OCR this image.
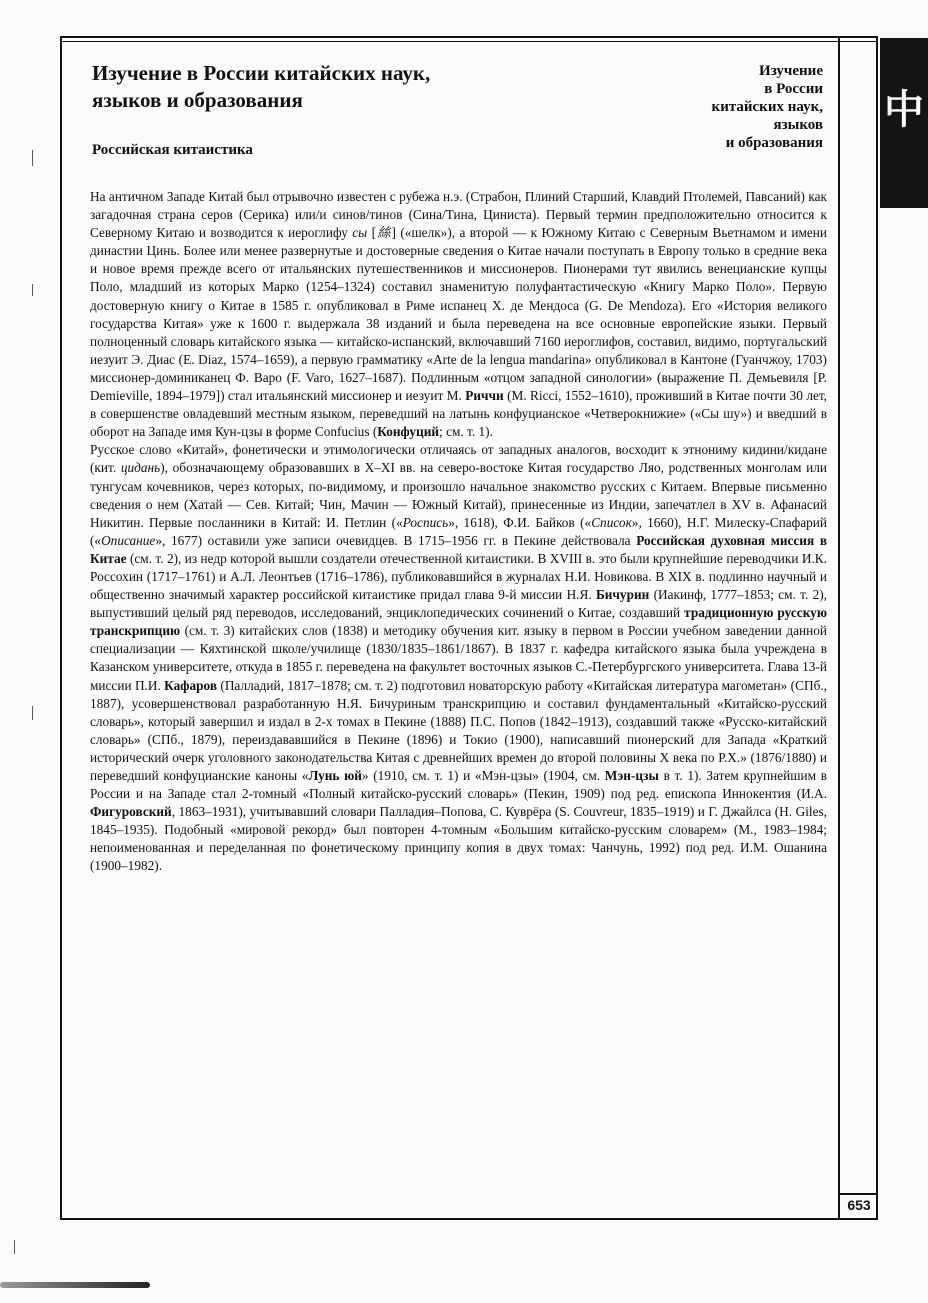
中
Изучение в России китайских наук,
языков и образования
Российская китаистика
Изучение
в России
китайских наук,
языков
и образования

На античном Западе Китай был отрывочно известен с рубежа н.э. (Страбон, Плиний Старший, Клавдий Птолемей, Павсаний) как загадочная страна серов (Серика) или/и синов/тинов (Сина/Тина, Циниста). Первый термин предположительно относится к Северному Китаю и возводится к иероглифу сы [絲] («шелк»), а второй — к Южному Китаю с Северным Вьетнамом и имени династии Цинь. Более или менее развернутые и достоверные сведения о Китае начали поступать в Европу только в средние века и новое время прежде всего от итальянских путешественников и миссионеров. Пионерами тут явились венецианские купцы Поло, младший из которых Марко (1254–1324) составил знаменитую полуфантастическую «Книгу Марко Поло». Первую достоверную книгу о Китае в 1585 г. опубликовал в Риме испанец Х. де Мендоса (G. De Mendoza). Его «История великого государства Китая» уже к 1600 г. выдержала 38 изданий и была переведена на все основные европейские языки. Первый полноценный словарь китайского языка — китайско-испанский, включавший 7160 иероглифов, составил, видимо, португальский иезуит Э. Диас (E. Diaz, 1574–1659), а первую грамматику «Arte de la lengua mandarina» опубликовал в Кантоне (Гуанчжоу, 1703) миссионер-доминиканец Ф. Варо (F. Varo, 1627–1687). Подлинным «отцом западной синологии» (выражение П. Демьевиля [P. Demieville, 1894–1979]) стал итальянский миссионер и иезуит М. Риччи (M. Ricci, 1552–1610), проживший в Китае почти 30 лет, в совершенстве овладевший местным языком, переведший на латынь конфуцианское «Четверокнижие» («Сы шу») и введший в оборот на Западе имя Кун-цзы в форме Confucius (Конфуций; см. т. 1).

Русское слово «Китай», фонетически и этимологически отличаясь от западных аналогов, восходит к этнониму кидини/кидане (кит. цидань), обозначающему образовавших в X–XI вв. на северо-востоке Китая государство Ляо, родственных монголам или тунгусам кочевников, через которых, по-видимому, и произошло начальное знакомство русских с Китаем. Впервые письменно сведения о нем (Хатай — Сев. Китай; Чин, Мачин — Южный Китай), принесенные из Индии, запечатлел в XV в. Афанасий Никитин. Первые посланники в Китай: И. Петлин («Роспись», 1618), Ф.И. Байков («Список», 1660), Н.Г. Милеску-Спафарий («Описание», 1677) оставили уже записи очевидцев. В 1715–1956 гг. в Пекине действовала Российская духовная миссия в Китае (см. т. 2), из недр которой вышли создатели отечественной китаистики. В XVIII в. это были крупнейшие переводчики И.К. Россохин (1717–1761) и А.Л. Леонтьев (1716–1786), публиковавшийся в журналах Н.И. Новикова. В XIX в. подлинно научный и общественно значимый характер российской китаистике придал глава 9-й миссии Н.Я. Бичурин (Иакинф, 1777–1853; см. т. 2), выпустивший целый ряд переводов, исследований, энциклопедических сочинений о Китае, создавший традиционную русскую транскрипцию (см. т. 3) китайских слов (1838) и методику обучения кит. языку в первом в России учебном заведении данной специализации — Кяхтинской школе/училище (1830/1835–1861/1867). В 1837 г. кафедра китайского языка была учреждена в Казанском университете, откуда в 1855 г. переведена на факультет восточных языков С.-Петербургского университета. Глава 13-й миссии П.И. Кафаров (Палладий, 1817–1878; см. т. 2) подготовил новаторскую работу «Китайская литература магометан» (СПб., 1887), усовершенствовал разработанную Н.Я. Бичуриным транскрипцию и составил фундаментальный «Китайско-русский словарь», который завершил и издал в 2-х томах в Пекине (1888) П.С. Попов (1842–1913), создавший также «Русско-китайский словарь» (СПб., 1879), переиздававшийся в Пекине (1896) и Токио (1900), написавший пионерский для Запада «Краткий исторический очерк уголовного законодательства Китая с древнейших времен до второй половины X века по Р.Х.» (1876/1880) и переведший конфуцианские каноны «Лунь юй» (1910, см. т. 1) и «Мэн-цзы» (1904, см. Мэн-цзы в т. 1). Затем крупнейшим в России и на Западе стал 2-томный «Полный китайско-русский словарь» (Пекин, 1909) под ред. епископа Иннокентия (И.А. Фигуровский, 1863–1931), учитывавший словари Палладия–Попова, С. Куврёра (S. Couvreur, 1835–1919) и Г. Джайлса (H. Giles, 1845–1935). Подобный «мировой рекорд» был повторен 4-томным «Большим китайско-русским словарем» (М., 1983–1984; непоименованная и переделанная по фонетическому принципу копия в двух томах: Чанчунь, 1992) под ред. И.М. Ошанина (1900–1982).

653
